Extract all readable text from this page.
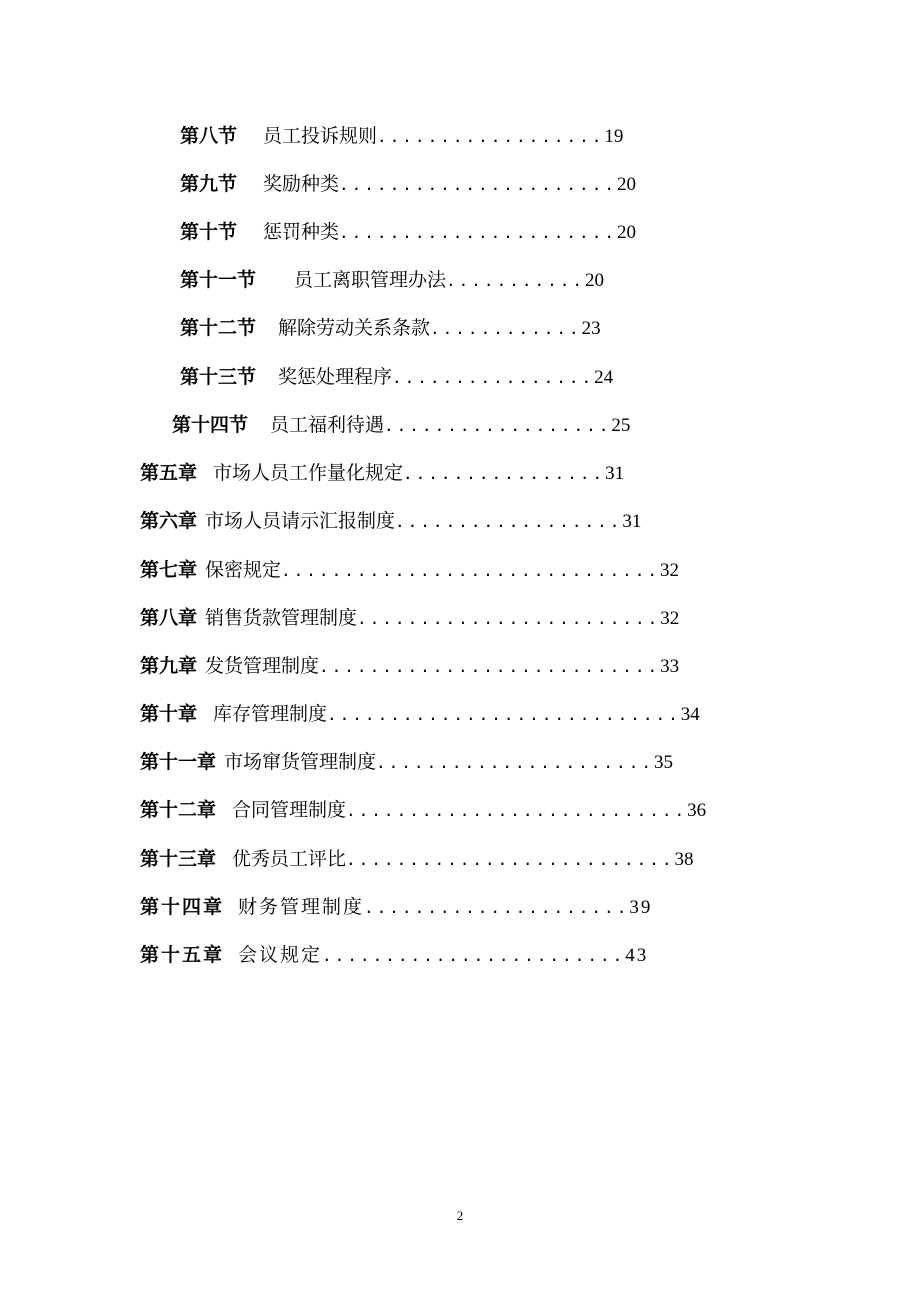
第八节 员工投诉规则 .................. 19
第九节 奖励种类 ...................... 20
第十节 惩罚种类 ...................... 20
第十一节 员工离职管理办法 ........... 20
第十二节 解除劳动关系条款 ............ 23
第十三节 奖惩处理程序 ................ 24
第十四节 员工福利待遇 .................. 25
第五章 市场人员工作量化规定 ................ 31
第六章 市场人员请示汇报制度 .................. 31
第七章 保密规定 .............................. 32
第八章 销售货款管理制度 ........................ 32
第九章 发货管理制度 ........................... 33
第十章 库存管理制度 ............................ 34
第十一章 市场窜货管理制度 ...................... 35
第十二章 合同管理制度 ........................... 36
第十三章 优秀员工评比 .......................... 38
第十四章 财务管理制度 ..................... 39
第十五章 会议规定 ........................ 43
2
